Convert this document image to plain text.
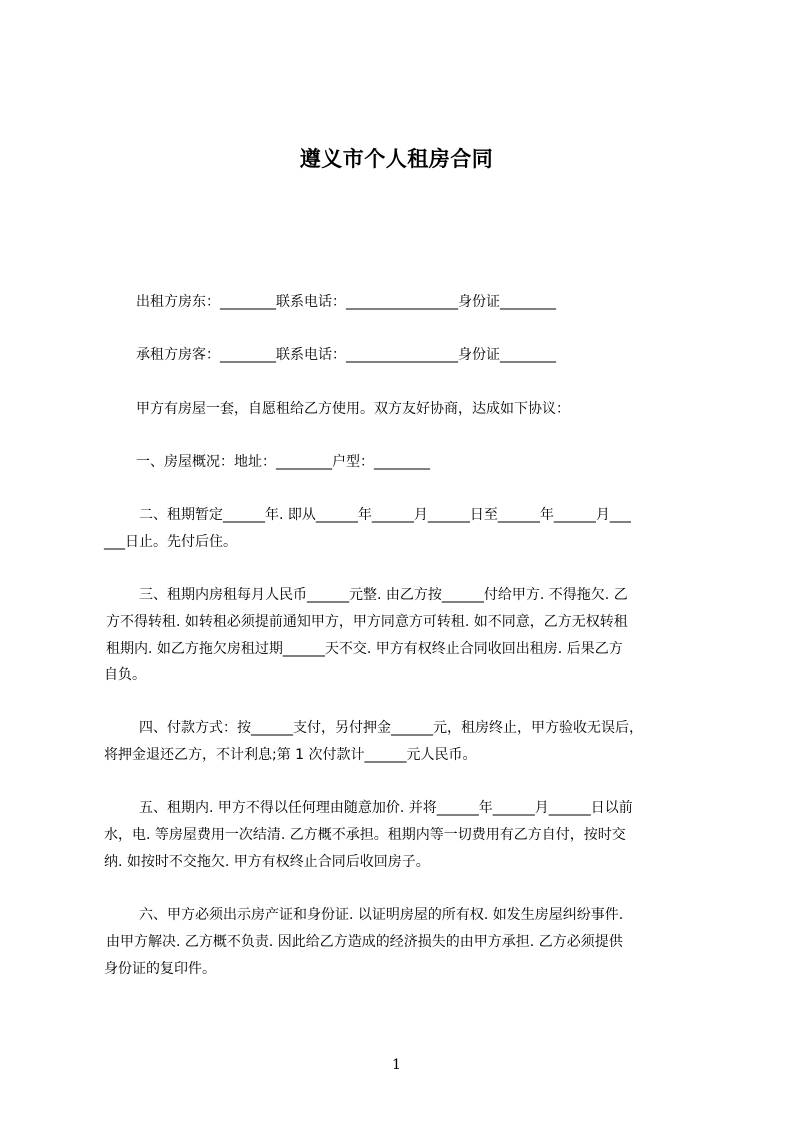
遵义市个人租房合同
出租方房东：________联系电话：________________身份证________
承租方房客：________联系电话：________________身份证________
甲方有房屋一套，自愿租给乙方使用。双方友好协商，达成如下协议：
一、房屋概况：地址：________户型：________
二、租期暂定______年. 即从______年______月______日至______年______月___
___日止。先付后住。
三、租期内房租每月人民币______元整. 由乙方按______付给甲方. 不得拖欠. 乙
方不得转租. 如转租必须提前通知甲方，甲方同意方可转租. 如不同意，乙方无权转租
租期内. 如乙方拖欠房租过期______天不交. 甲方有权终止合同收回出租房. 后果乙方
自负。
四、付款方式：按______支付，另付押金______元，租房终止，甲方验收无误后，
将押金退还乙方，不计利息;第 1 次付款计______元人民币。
五、租期内. 甲方不得以任何理由随意加价. 并将______年______月______日以前
水，电. 等房屋费用一次结清. 乙方概不承担。租期内等一切费用有乙方自付，按时交
纳. 如按时不交拖欠. 甲方有权终止合同后收回房子。
六、甲方必须出示房产证和身份证. 以证明房屋的所有权. 如发生房屋纠纷事件.
由甲方解决. 乙方概不负责. 因此给乙方造成的经济损失的由甲方承担. 乙方必须提供
身份证的复印件。
1
